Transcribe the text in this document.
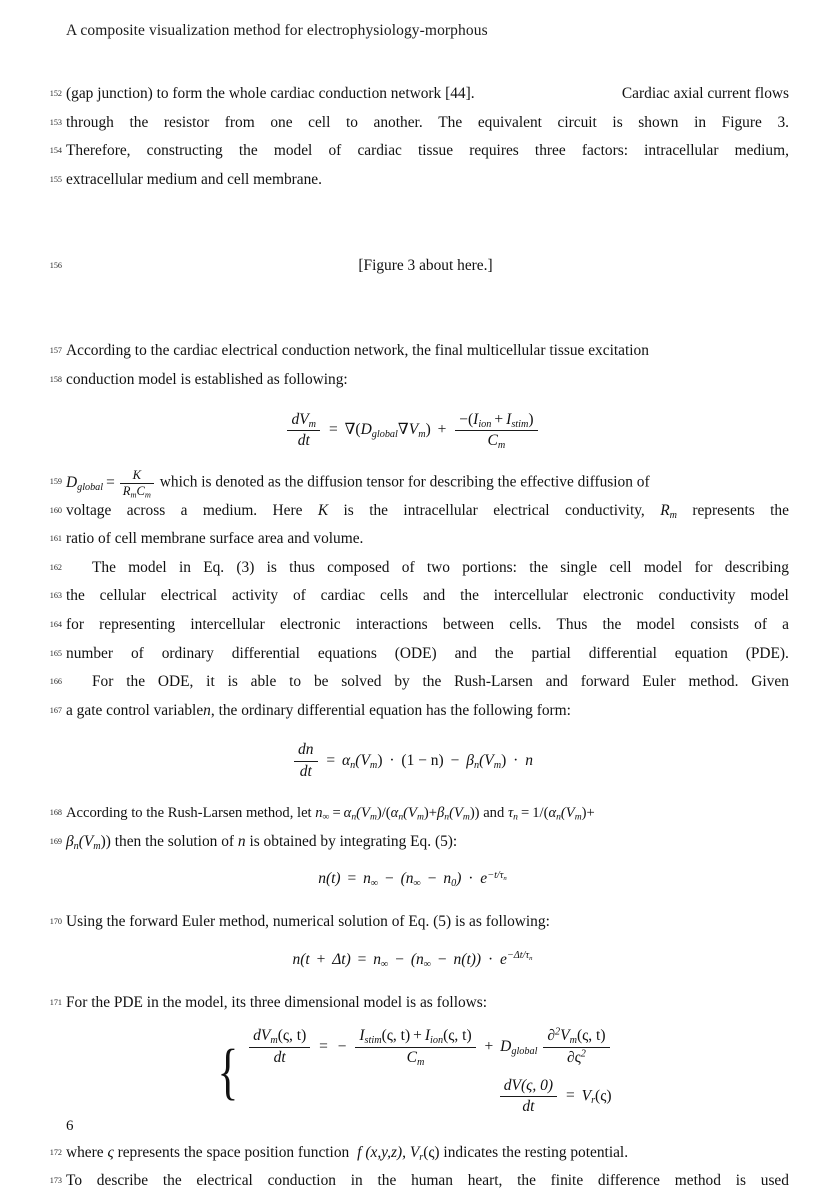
A composite visualization method for electrophysiology-morphous
152 (gap junction) to form the whole cardiac conduction network [44].	Cardiac axial current flows
153 through the resistor from one cell to another. The equivalent circuit is shown in Figure 3.
154 Therefore, constructing the model of cardiac tissue requires three factors: intracellular medium,
155 extracellular medium and cell membrane.
156	[Figure 3 about here.]
157 According to the cardiac electrical conduction network, the final multicellular tissue excitation
158 conduction model is established as following:
$\frac{dV_m}{dt} = \nabla(D_{global}\nabla V_m) + \frac{-(I_{ion} + I_{stim})}{C_m}$
159 $D_{global} = \frac{K}{R_mC_m}$ which is denoted as the diffusion tensor for describing the effective diffusion of
160 voltage across a medium. Here K is the intracellular electrical conductivity, $R_m$ represents the
161 ratio of cell membrane surface area and volume.
162 The model in Eq. (3) is thus composed of two portions: the single cell model for describing
163 the cellular electrical activity of cardiac cells and the intercellular electronic conductivity model
164 for representing intercellular electronic interactions between cells. Thus the model consists of a
165 number of ordinary differential equations (ODE) and the partial differential equation (PDE).
166 For the ODE, it is able to be solved by the Rush-Larsen and forward Euler method. Given
167 a gate control variablen, the ordinary differential equation has the following form:
$\frac{dn}{dt} = \alpha_n(V_m) \cdot (1 - n) - \beta_n(V_m) \cdot n$
168 According to the Rush-Larsen method, let $n_\infty = \alpha_n(V_m)/(\alpha_n(V_m)+\beta_n(V_m))$ and $\tau_n = 1/(\alpha_n(V_m)+$
169 $\beta_n(V_m)$) then the solution of n is obtained by integrating Eq. (5):
$n(t) = n_\infty - (n_\infty - n_0) \cdot e^{-t/\tau_n}$
170 Using the forward Euler method, numerical solution of Eq. (5) is as following:
$n(t + \Delta t) = n_\infty - (n_\infty - n(t)) \cdot e^{-\Delta t/\tau_n}$
171 For the PDE in the model, its three dimensional model is as follows:
{ $\frac{dV_m(\varsigma, t)}{dt}$ = − $\frac{I_{stim}(\varsigma, t) + I_{ion}(\varsigma, t)}{C_m} + D_{global} \frac{\partial^2V_m(\varsigma, t)}{\partial\varsigma^2}$
$\frac{dV(\varsigma, 0)}{dt} = V_r(\varsigma)$
172 where ς represents the space position function f (x,y,z), $V_r(\varsigma)$ indicates the resting potential.
173 To describe the electrical conduction in the human heart, the finite difference method is used
6
